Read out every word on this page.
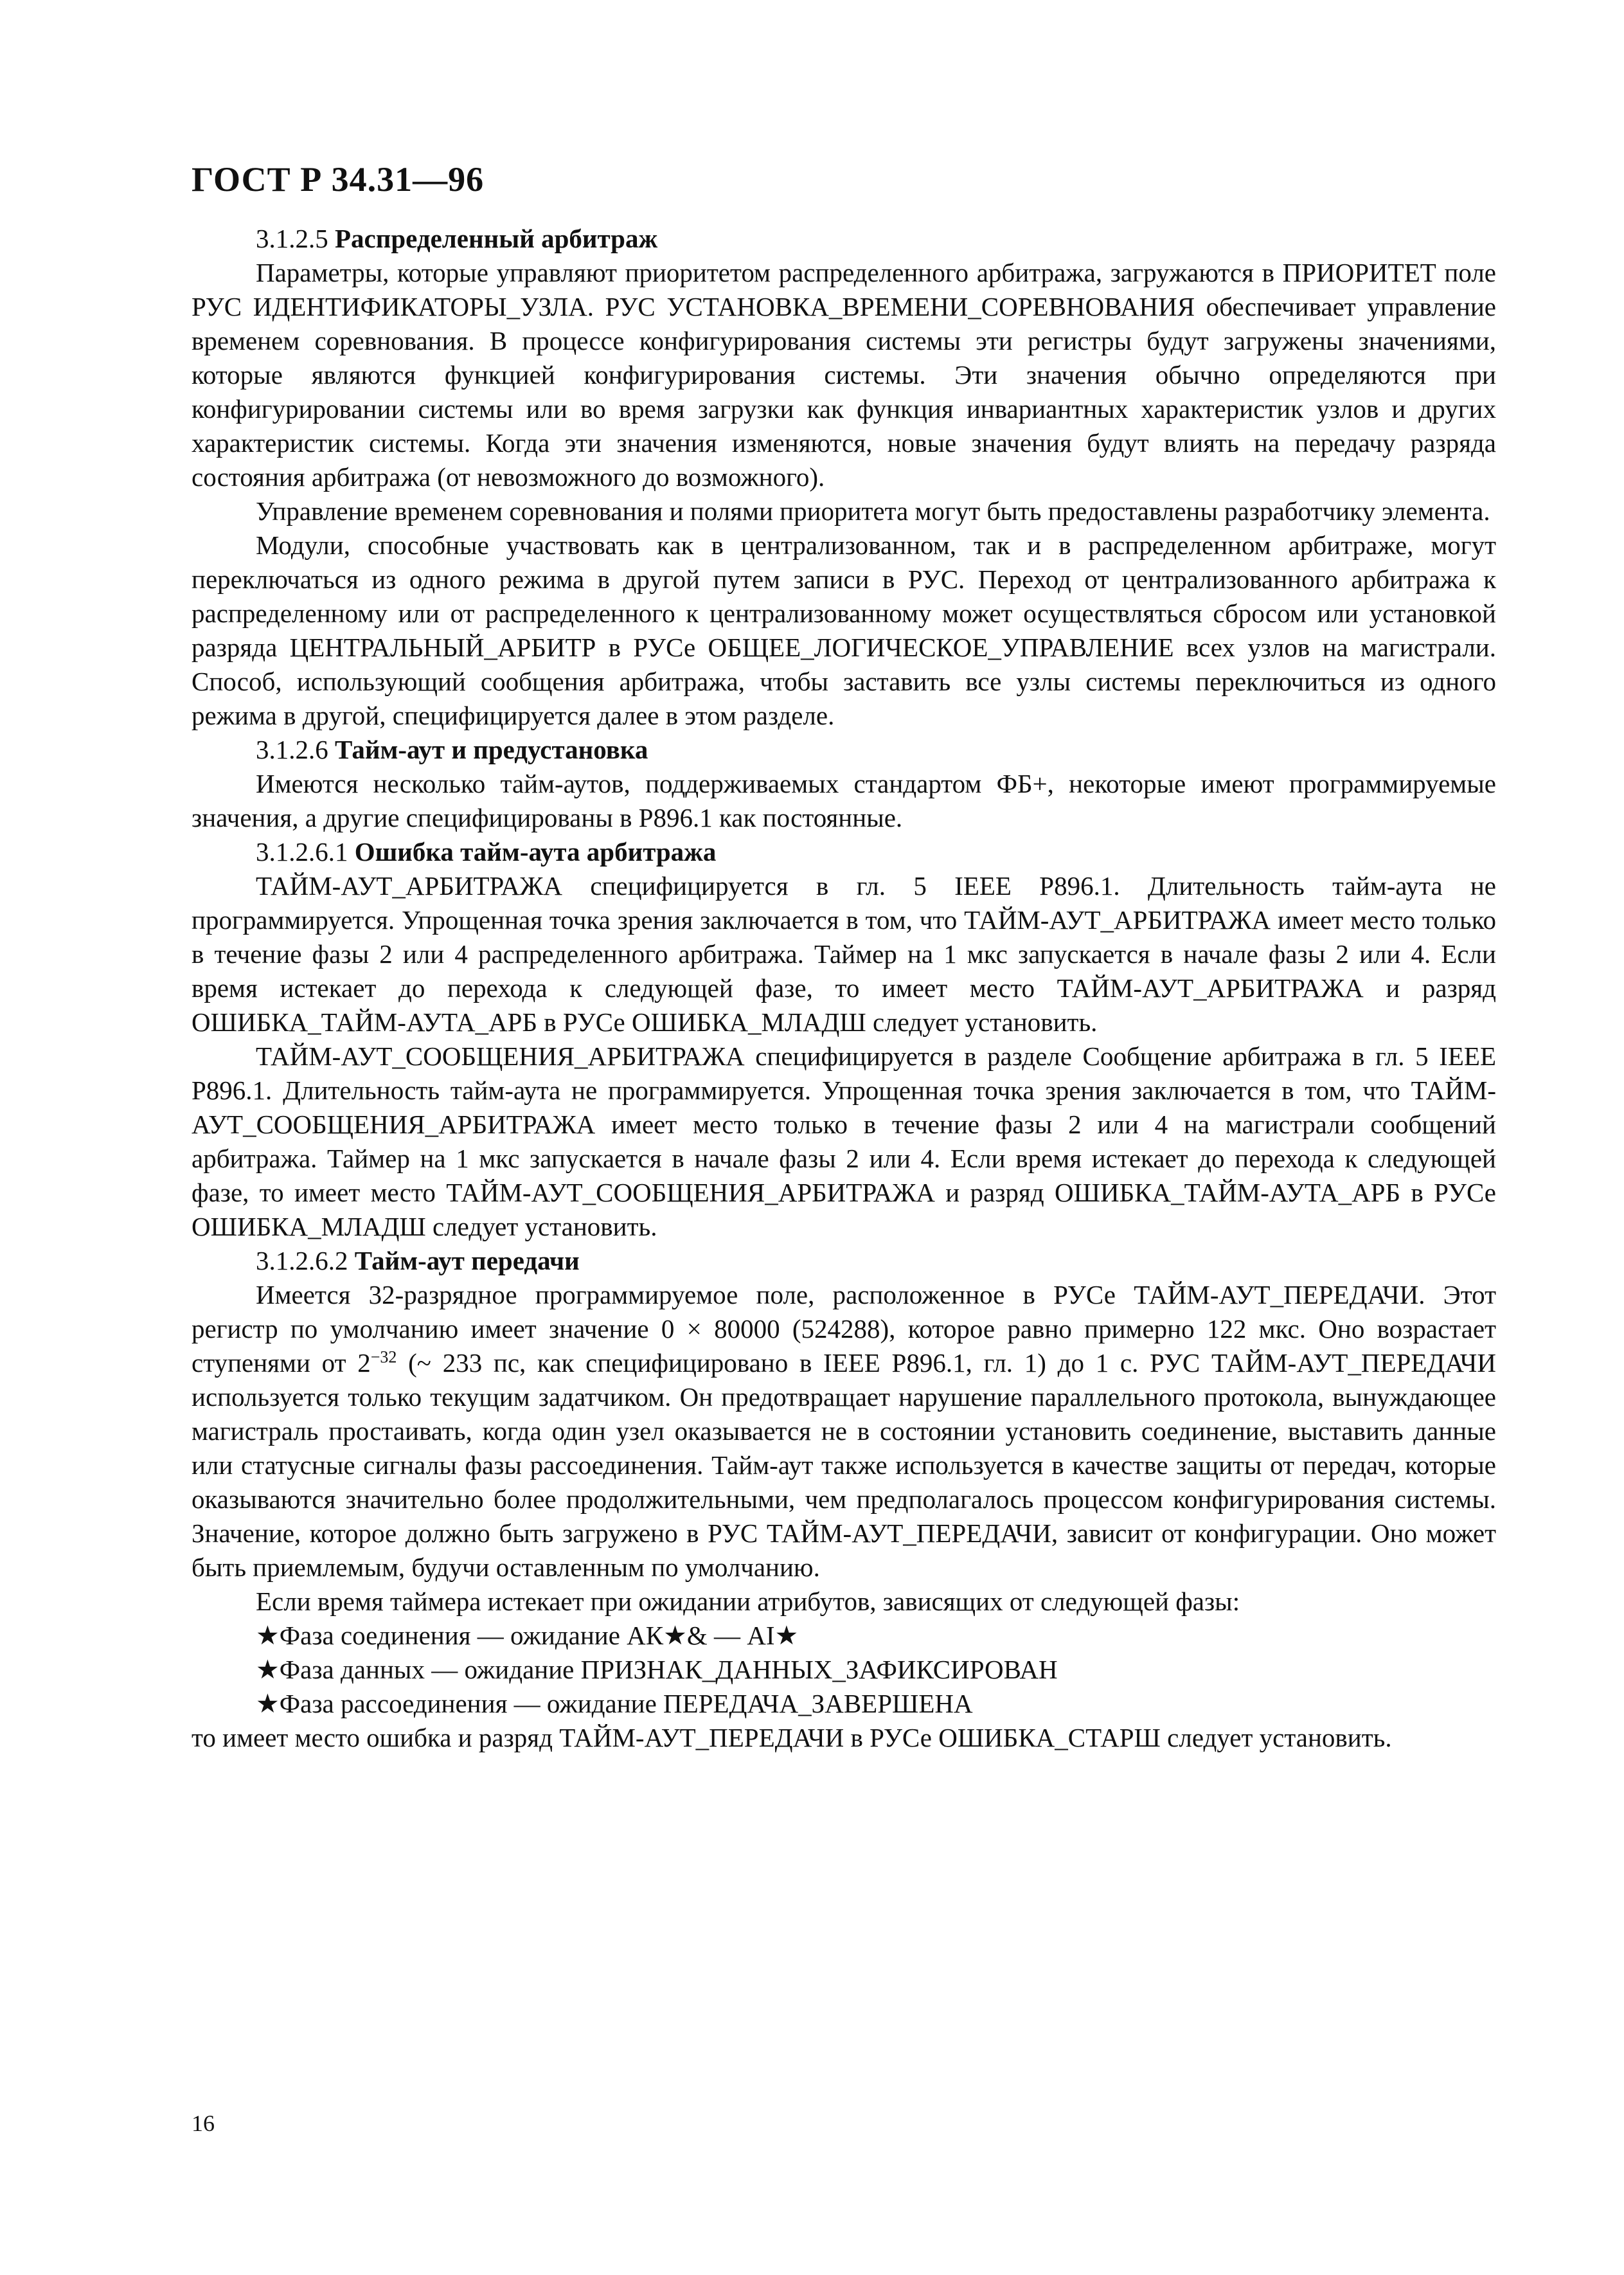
ГОСТ Р 34.31—96

3.1.2.5 Распределенный арбитраж

Параметры, которые управляют приоритетом распределенного арбитража, загружаются в ПРИОРИТЕТ поле РУС ИДЕНТИФИКАТОРЫ_УЗЛА. РУС УСТАНОВКА_ВРЕМЕНИ_СОРЕВНОВАНИЯ обеспечивает управление временем соревнования. В процессе конфигурирования системы эти регистры будут загружены значениями, которые являются функцией конфигурирования системы. Эти значения обычно определяются при конфигурировании системы или во время загрузки как функция инвариантных характеристик узлов и других характеристик системы. Когда эти значения изменяются, новые значения будут влиять на передачу разряда состояния арбитража (от невозможного до возможного).

Управление временем соревнования и полями приоритета могут быть предоставлены разработчику элемента.

Модули, способные участвовать как в централизованном, так и в распределенном арбитраже, могут переключаться из одного режима в другой путем записи в РУС. Переход от централизованного арбитража к распределенному или от распределенного к централизованному может осуществляться сбросом или установкой разряда ЦЕНТРАЛЬНЫЙ_АРБИТР в РУСе ОБЩЕЕ_ЛОГИЧЕСКОЕ_УПРАВЛЕНИЕ всех узлов на магистрали. Способ, использующий сообщения арбитража, чтобы заставить все узлы системы переключиться из одного режима в другой, специфицируется далее в этом разделе.

3.1.2.6 Тайм-аут и предустановка

Имеются несколько тайм-аутов, поддерживаемых стандартом ФБ+, некоторые имеют программируемые значения, а другие специфицированы в Р896.1 как постоянные.

3.1.2.6.1 Ошибка тайм-аута арбитража

ТАЙМ-АУТ_АРБИТРАЖА специфицируется в гл. 5 IEEE Р896.1. Длительность тайм-аута не программируется. Упрощенная точка зрения заключается в том, что ТАЙМ-АУТ_АРБИТРАЖА имеет место только в течение фазы 2 или 4 распределенного арбитража. Таймер на 1 мкс запускается в начале фазы 2 или 4. Если время истекает до перехода к следующей фазе, то имеет место ТАЙМ-АУТ_АРБИТРАЖА и разряд ОШИБКА_ТАЙМ-АУТА_АРБ в РУСе ОШИБКА_МЛАДШ следует установить.

ТАЙМ-АУТ_СООБЩЕНИЯ_АРБИТРАЖА специфицируется в разделе Сообщение арбитража в гл. 5 IEEE Р896.1. Длительность тайм-аута не программируется. Упрощенная точка зрения заключается в том, что ТАЙМ-АУТ_СООБЩЕНИЯ_АРБИТРАЖА имеет место только в течение фазы 2 или 4 на магистрали сообщений арбитража. Таймер на 1 мкс запускается в начале фазы 2 или 4. Если время истекает до перехода к следующей фазе, то имеет место ТАЙМ-АУТ_СООБЩЕНИЯ_АРБИТРАЖА и разряд ОШИБКА_ТАЙМ-АУТА_АРБ в РУСе ОШИБКА_МЛАДШ следует установить.

3.1.2.6.2 Тайм-аут передачи

Имеется 32-разрядное программируемое поле, расположенное в РУСе ТАЙМ-АУТ_ПЕРЕДАЧИ. Этот регистр по умолчанию имеет значение 0 × 80000 (524288), которое равно примерно 122 мкс. Оно возрастает ступенями от $2^{-32}$ (~ 233 пс, как специфицировано в IEEE Р896.1, гл. 1) до 1 с. РУС ТАЙМ-АУТ_ПЕРЕДАЧИ используется только текущим задатчиком. Он предотвращает нарушение параллельного протокола, вынуждающее магистраль простаивать, когда один узел оказывается не в состоянии установить соединение, выставить данные или статусные сигналы фазы рассоединения. Тайм-аут также используется в качестве защиты от передач, которые оказываются значительно более продолжительными, чем предполагалось процессом конфигурирования системы. Значение, которое должно быть загружено в РУС ТАЙМ-АУТ_ПЕРЕДАЧИ, зависит от конфигурации. Оно может быть приемлемым, будучи оставленным по умолчанию.

Если время таймера истекает при ожидании атрибутов, зависящих от следующей фазы:

★Фаза соединения — ожидание АК★& — АI★

★Фаза данных — ожидание ПРИЗНАК_ДАННЫХ_ЗАФИКСИРОВАН

★Фаза рассоединения — ожидание ПЕРЕДАЧА_ЗАВЕРШЕНА

то имеет место ошибка и разряд ТАЙМ-АУТ_ПЕРЕДАЧИ в РУСе ОШИБКА_СТАРШ следует установить.

16
